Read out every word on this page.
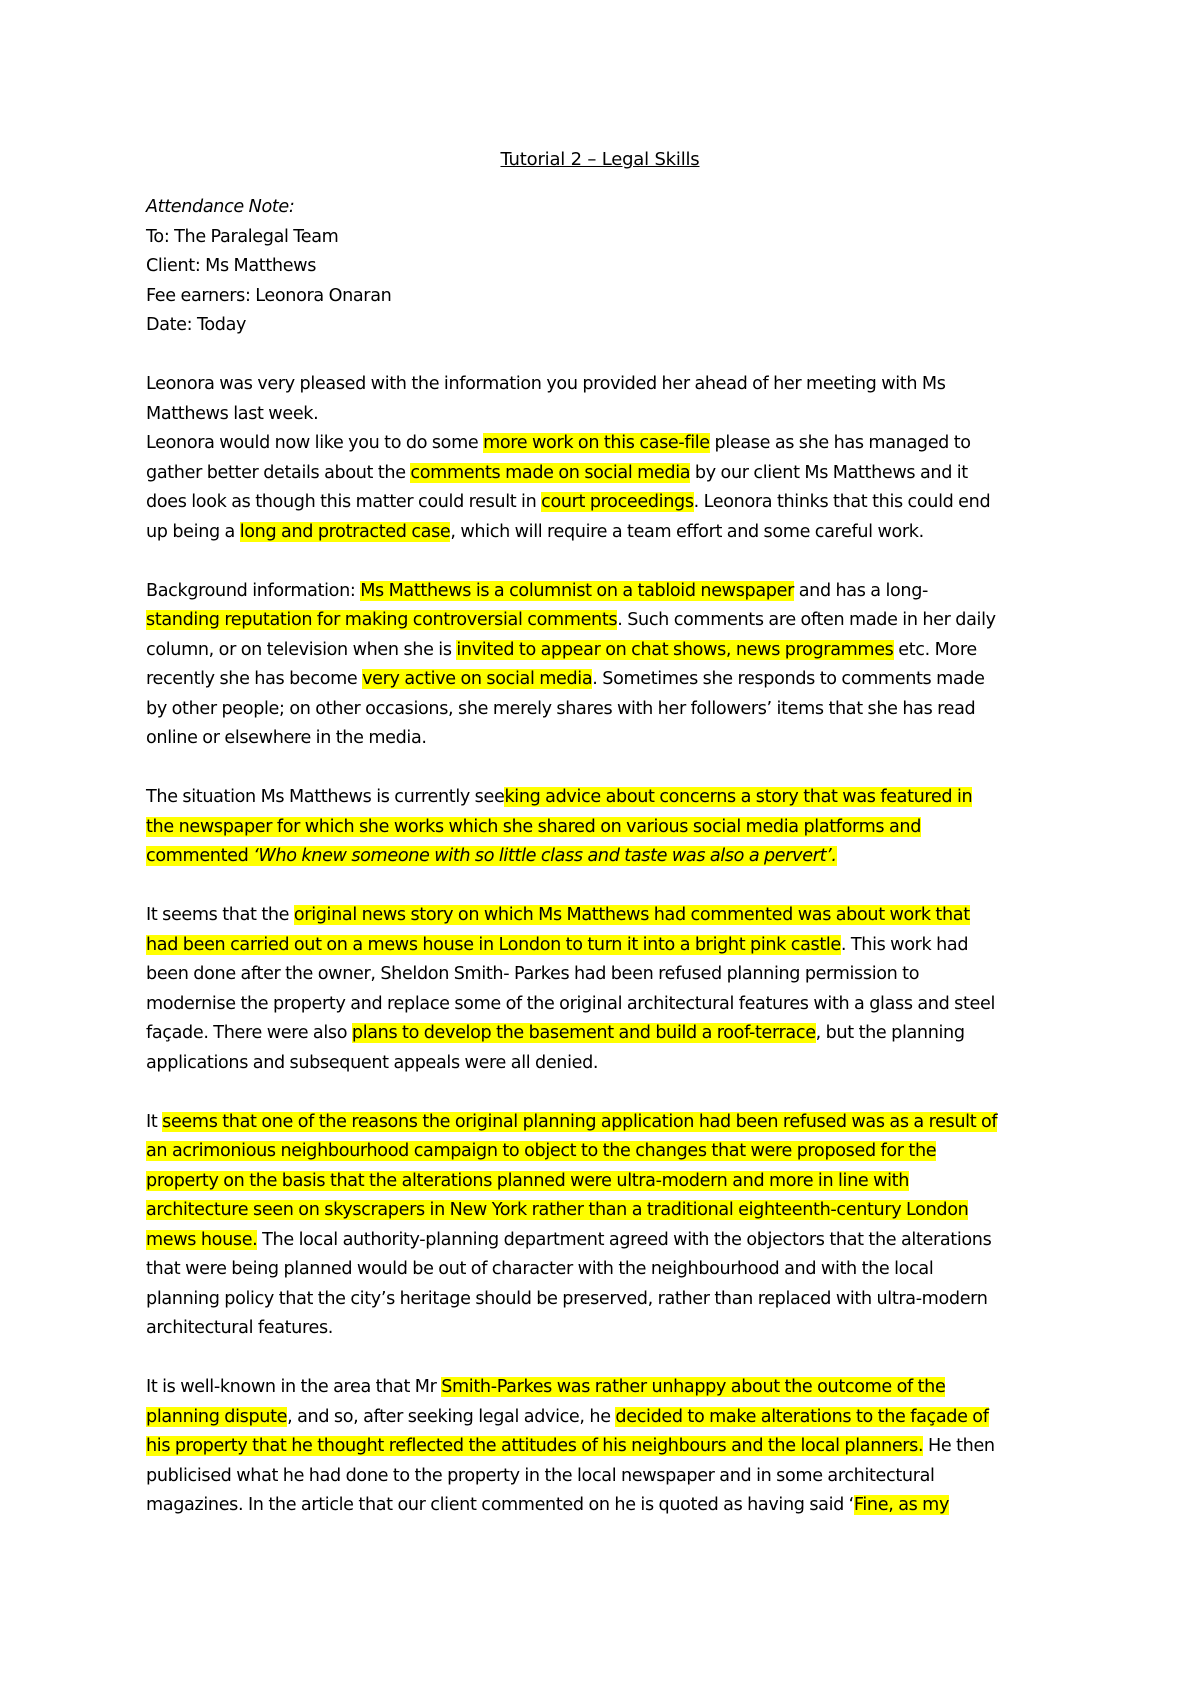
Tutorial 2 – Legal Skills
Attendance Note:
To: The Paralegal Team
Client: Ms Matthews
Fee earners: Leonora Onaran
Date: Today
Leonora was very pleased with the information you provided her ahead of her meeting with Ms
Matthews last week.
Leonora would now like you to do some more work on this case-file please as she has managed to
gather better details about the comments made on social media by our client Ms Matthews and it
does look as though this matter could result in court proceedings. Leonora thinks that this could end
up being a long and protracted case, which will require a team effort and some careful work.
Background information: Ms Matthews is a columnist on a tabloid newspaper and has a long-
standing reputation for making controversial comments. Such comments are often made in her daily
column, or on television when she is invited to appear on chat shows, news programmes etc. More
recently she has become very active on social media. Sometimes she responds to comments made
by other people; on other occasions, she merely shares with her followers’ items that she has read
online or elsewhere in the media.
The situation Ms Matthews is currently seeking advice about concerns a story that was featured in
the newspaper for which she works which she shared on various social media platforms and
commented ‘Who knew someone with so little class and taste was also a pervert’.
It seems that the original news story on which Ms Matthews had commented was about work that
had been carried out on a mews house in London to turn it into a bright pink castle. This work had
been done after the owner, Sheldon Smith- Parkes had been refused planning permission to
modernise the property and replace some of the original architectural features with a glass and steel
façade. There were also plans to develop the basement and build a roof-terrace, but the planning
applications and subsequent appeals were all denied.
It seems that one of the reasons the original planning application had been refused was as a result of
an acrimonious neighbourhood campaign to object to the changes that were proposed for the
property on the basis that the alterations planned were ultra-modern and more in line with
architecture seen on skyscrapers in New York rather than a traditional eighteenth-century London
mews house. The local authority-planning department agreed with the objectors that the alterations
that were being planned would be out of character with the neighbourhood and with the local
planning policy that the city’s heritage should be preserved, rather than replaced with ultra-modern
architectural features.
It is well-known in the area that Mr Smith-Parkes was rather unhappy about the outcome of the
planning dispute, and so, after seeking legal advice, he decided to make alterations to the façade of
his property that he thought reflected the attitudes of his neighbours and the local planners. He then
publicised what he had done to the property in the local newspaper and in some architectural
magazines. In the article that our client commented on he is quoted as having said ‘Fine, as my
